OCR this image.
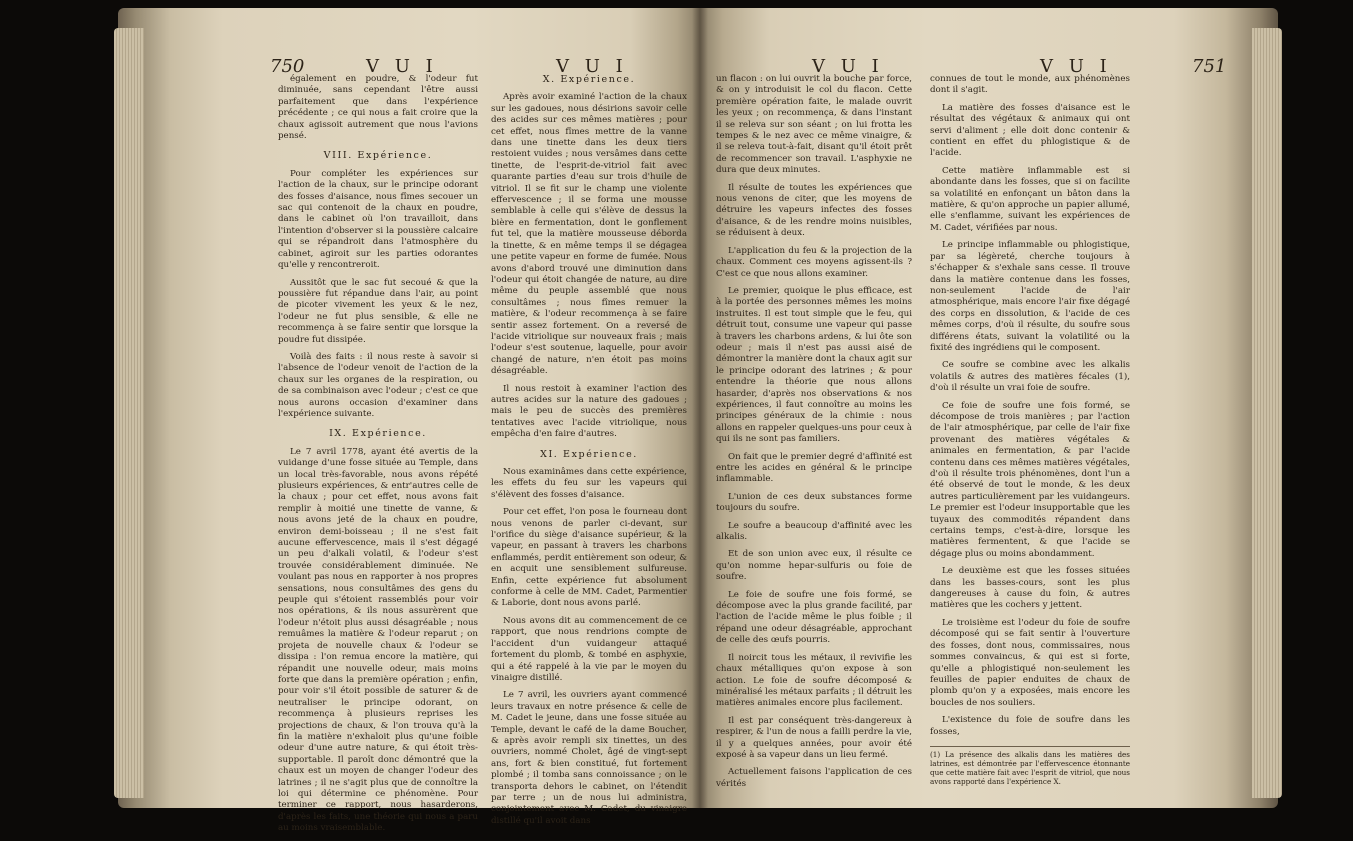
750	V U I	V U I

également en poudre, & l'odeur fut diminuée, sans cependant l'être aussi parfaitement que dans l'expérience précédente ; ce qui nous a fait croire que la chaux agissoit autrement que nous l'avions pensé.

VIII. Expérience.

Pour compléter les expériences sur l'action de la chaux, sur le principe odorant des fosses d'aisance, nous fîmes secouer un sac qui contenoit de la chaux en poudre, dans le cabinet où l'on travailloit, dans l'intention d'observer si la poussière calcaire qui se répandroit dans l'atmosphère du cabinet, agiroit sur les parties odorantes qu'elle y rencontreroit.

Aussitôt que le sac fut secoué & que la poussière fut répandue dans l'air, au point de picoter vivement les yeux & le nez, l'odeur ne fut plus sensible, & elle ne recommença à se faire sentir que lorsque la poudre fut dissipée.

Voilà des faits : il nous reste à savoir si l'absence de l'odeur venoit de l'action de la chaux sur les organes de la respiration, ou de sa combinaison avec l'odeur ; c'est ce que nous aurons occasion d'examiner dans l'expérience suivante.

IX. Expérience.

Le 7 avril 1778, ayant été avertis de la vuidange d'une fosse située au Temple, dans un local très-favorable, nous avons répété plusieurs expériences, & entr'autres celle de la chaux ; pour cet effet, nous avons fait remplir à moitié une tinette de vanne, & nous avons jeté de la chaux en poudre, environ demi-boisseau ; il ne s'est fait aucune effervescence, mais il s'est dégagé un peu d'alkali volatil, & l'odeur s'est trouvée considérablement diminuée. Ne voulant pas nous en rapporter à nos propres sensations, nous consultâmes des gens du peuple qui s'étoient rassemblés pour voir nos opérations, & ils nous assurèrent que l'odeur n'étoit plus aussi désagréable ; nous remuâmes la matière & l'odeur reparut ; on projeta de nouvelle chaux & l'odeur se dissipa : l'on remua encore la matière, qui répandit une nouvelle odeur, mais moins forte que dans la première opération ; enfin, pour voir s'il étoit possible de saturer & de neutraliser le principe odorant, on recommença à plusieurs reprises les projections de chaux, & l'on trouva qu'à la fin la matière n'exhaloit plus qu'une foible odeur d'une autre nature, & qui étoit très-supportable. Il paroît donc démontré que la chaux est un moyen de changer l'odeur des latrines ; il ne s'agit plus que de connoître la loi qui détermine ce phénomène. Pour terminer ce rapport, nous hasarderons, d'après les faits, une théorie qui nous a paru au moins vraisemblable.

X. Expérience.

Après avoir examiné l'action de la chaux sur les gadoues, nous désirions savoir celle des acides sur ces mêmes matières ; pour cet effet, nous fîmes mettre de la vanne dans une tinette dans les deux tiers restoient vuides ; nous versâmes dans cette tinette, de l'esprit-de-vitriol fait avec quarante parties d'eau sur trois d'huile de vitriol. Il se fit sur le champ une violente effervescence ; il se forma une mousse semblable à celle qui s'élève de dessus la bière en fermentation, dont le gonflement fut tel, que la matière mousseuse déborda la tinette, & en même temps il se dégagea une petite vapeur en forme de fumée. Nous avons d'abord trouvé une diminution dans l'odeur qui étoit changée de nature, au dire même du peuple assemblé que nous consultâmes ; nous fîmes remuer la matière, & l'odeur recommença à se faire sentir assez fortement. On a reversé de l'acide vitriolique sur nouveaux frais ; mais l'odeur s'est soutenue, laquelle, pour avoir changé de nature, n'en étoit pas moins désagréable.

Il nous restoit à examiner l'action des autres acides sur la nature des gadoues ; mais le peu de succès des premières tentatives avec l'acide vitriolique, nous empêcha d'en faire d'autres.

XI. Expérience.

Nous examinâmes dans cette expérience, les effets du feu sur les vapeurs qui s'élèvent des fosses d'aisance.

Pour cet effet, l'on posa le fourneau dont nous venons de parler ci-devant, sur l'orifice du siège d'aisance supérieur, & la vapeur, en passant à travers les charbons enflammés, perdit entièrement son odeur, & en acquit une sensiblement sulfureuse. Enfin, cette expérience fut absolument conforme à celle de MM. Cadet, Parmentier & Laborie, dont nous avons parlé.

Nous avons dit au commencement de ce rapport, que nous rendrions compte de l'accident d'un vuidangeur attaqué fortement du plomb, & tombé en asphyxie, qui a été rappelé à la vie par le moyen du vinaigre distillé.

Le 7 avril, les ouvriers ayant commencé leurs travaux en notre présence & celle de M. Cadet le jeune, dans une fosse située au Temple, devant le café de la dame Boucher, & après avoir rempli six tinettes, un des ouvriers, nommé Cholet, âgé de vingt-sept ans, fort & bien constitué, fut fortement plombé ; il tomba sans connoissance ; on le transporta dehors le cabinet, on l'étendit par terre ; un de nous lui administra, conjointement avec M. Cadet, du vinaigre distillé qu'il avoit dans

V U I	V U I	751

un flacon : on lui ouvrit la bouche par force, & on y introduisit le col du flacon. Cette première opération faite, le malade ouvrit les yeux ; on recommença, & dans l'instant il se releva sur son séant ; on lui frotta les tempes & le nez avec ce même vinaigre, & il se releva tout-à-fait, disant qu'il étoit prêt de recommencer son travail. L'asphyxie ne dura que deux minutes.

Il résulte de toutes les expériences que nous venons de citer, que les moyens de détruire les vapeurs infectes des fosses d'aisance, & de les rendre moins nuisibles, se réduisent à deux.

L'application du feu & la projection de la chaux. Comment ces moyens agissent-ils ? C'est ce que nous allons examiner.

Le premier, quoique le plus efficace, est à la portée des personnes mêmes les moins instruites. Il est tout simple que le feu, qui détruit tout, consume une vapeur qui passe à travers les charbons ardens, & lui ôte son odeur ; mais il n'est pas aussi aisé de démontrer la manière dont la chaux agit sur le principe odorant des latrines ; & pour entendre la théorie que nous allons hasarder, d'après nos observations & nos expériences, il faut connoître au moins les principes généraux de la chimie : nous allons en rappeler quelques-uns pour ceux à qui ils ne sont pas familiers.

On fait que le premier degré d'affinité est entre les acides en général & le principe inflammable.

L'union de ces deux substances forme toujours du soufre.

Le soufre a beaucoup d'affinité avec les alkalis.

Et de son union avec eux, il résulte ce qu'on nomme hepar-sulfuris ou foie de soufre.

Le foie de soufre une fois formé, se décompose avec la plus grande facilité, par l'action de l'acide même le plus foible ; il répand une odeur désagréable, approchant de celle des œufs pourris.

Il noircit tous les métaux, il revivifie les chaux métalliques qu'on expose à son action. Le foie de soufre décomposé & minéralisé les métaux parfaits ; il détruit les matières animales encore plus facilement.

Il est par conséquent très-dangereux à respirer, & l'un de nous a failli perdre la vie, il y a quelques années, pour avoir été exposé à sa vapeur dans un lieu fermé.

Actuellement faisons l'application de ces vérités

connues de tout le monde, aux phénomènes dont il s'agit.

La matière des fosses d'aisance est le résultat des végétaux & animaux qui ont servi d'aliment ; elle doit donc contenir & contient en effet du phlogistique & de l'acide.

Cette matière inflammable est si abondante dans les fosses, que si on facilite sa volatilité en enfonçant un bâton dans la matière, & qu'on approche un papier allumé, elle s'enflamme, suivant les expériences de M. Cadet, vérifiées par nous.

Le principe inflammable ou phlogistique, par sa légèreté, cherche toujours à s'échapper & s'exhale sans cesse. Il trouve dans la matière contenue dans les fosses, non-seulement l'acide de l'air atmosphérique, mais encore l'air fixe dégagé des corps en dissolution, & l'acide de ces mêmes corps, d'où il résulte, du soufre sous différens états, suivant la volatilité ou la fixité des ingrédiens qui le composent.

Ce soufre se combine avec les alkalis volatils & autres des matières fécales (1), d'où il résulte un vrai foie de soufre.

Ce foie de soufre une fois formé, se décompose de trois manières ; par l'action de l'air atmosphérique, par celle de l'air fixe provenant des matières végétales & animales en fermentation, & par l'acide contenu dans ces mêmes matières végétales, d'où il résulte trois phénomènes, dont l'un a été observé de tout le monde, & les deux autres particulièrement par les vuidangeurs. Le premier est l'odeur insupportable que les tuyaux des commodités répandent dans certains temps, c'est-à-dire, lorsque les matières fermentent, & que l'acide se dégage plus ou moins abondamment.

Le deuxième est que les fosses situées dans les basses-cours, sont les plus dangereuses à cause du foin, & autres matières que les cochers y jettent.

Le troisième est l'odeur du foie de soufre décomposé qui se fait sentir à l'ouverture des fosses, dont nous, commissaires, nous sommes convaincus, & qui est si forte, qu'elle a phlogistiqué non-seulement les feuilles de papier enduites de chaux de plomb qu'on y a exposées, mais encore les boucles de nos souliers.

L'existence du foie de soufre dans les fosses,

(1) La présence des alkalis dans les matières des latrines, est démontrée par l'effervescence étonnante que cette matière fait avec l'esprit de vitriol, que nous avons rapporté dans l'expérience X.
